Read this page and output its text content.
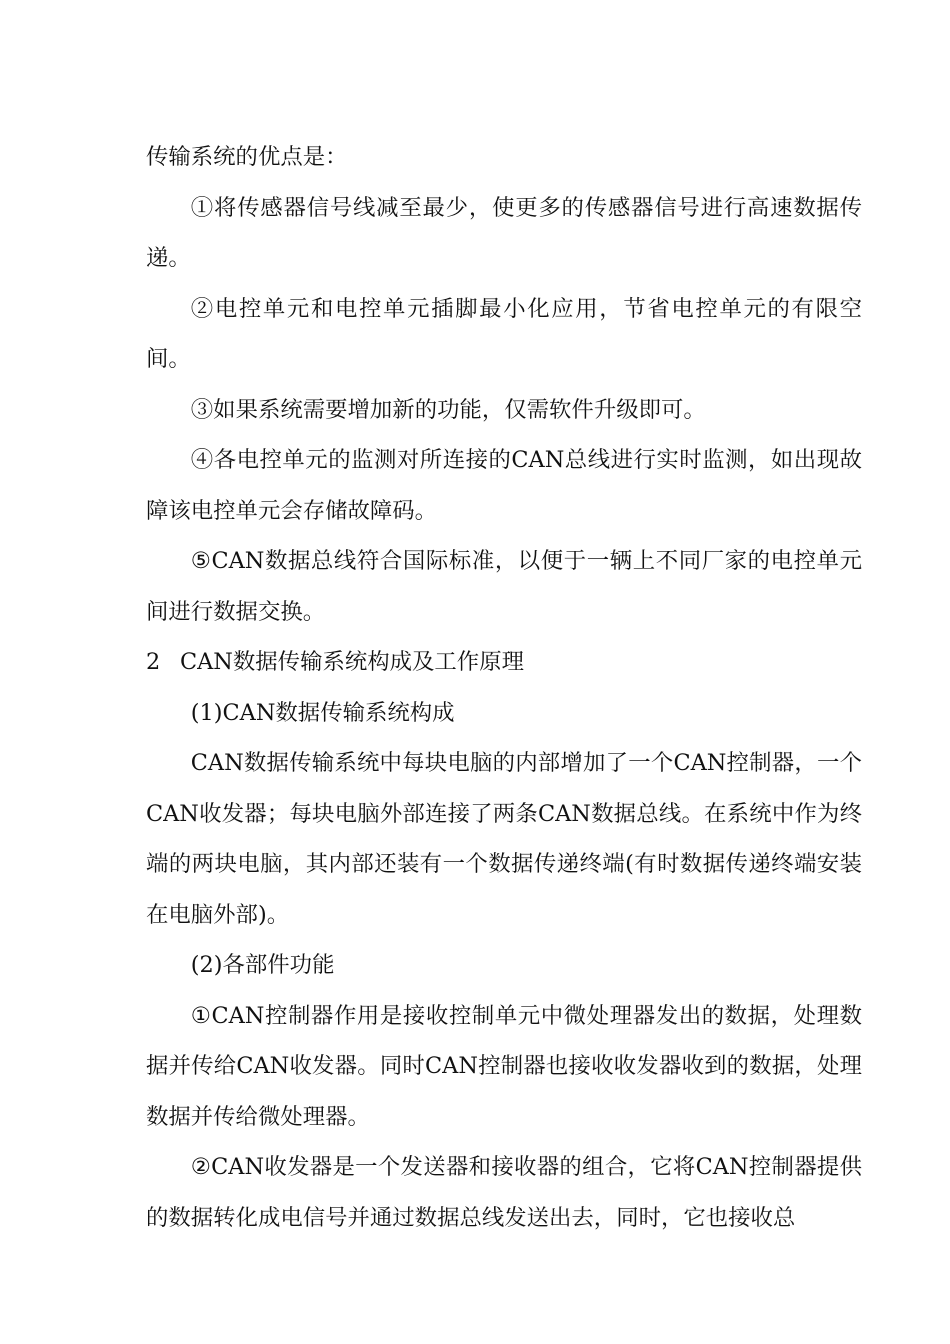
传输系统的优点是：

①将传感器信号线减至最少，使更多的传感器信号进行高速数据传递。

②电控单元和电控单元插脚最小化应用，节省电控单元的有限空间。

③如果系统需要增加新的功能，仅需软件升级即可。

④各电控单元的监测对所连接的CAN总线进行实时监测，如出现故障该电控单元会存储故障码。

⑤CAN数据总线符合国际标准，以便于一辆上不同厂家的电控单元间进行数据交换。

2 CAN数据传输系统构成及工作原理

(1)CAN数据传输系统构成

CAN数据传输系统中每块电脑的内部增加了一个CAN控制器，一个CAN收发器；每块电脑外部连接了两条CAN数据总线。在系统中作为终端的两块电脑，其内部还装有一个数据传递终端(有时数据传递终端安装在电脑外部)。

(2)各部件功能

①CAN控制器作用是接收控制单元中微处理器发出的数据，处理数据并传给CAN收发器。同时CAN控制器也接收收发器收到的数据，处理数据并传给微处理器。

②CAN收发器是一个发送器和接收器的组合，它将CAN控制器提供的数据转化成电信号并通过数据总线发送出去，同时，它也接收总
